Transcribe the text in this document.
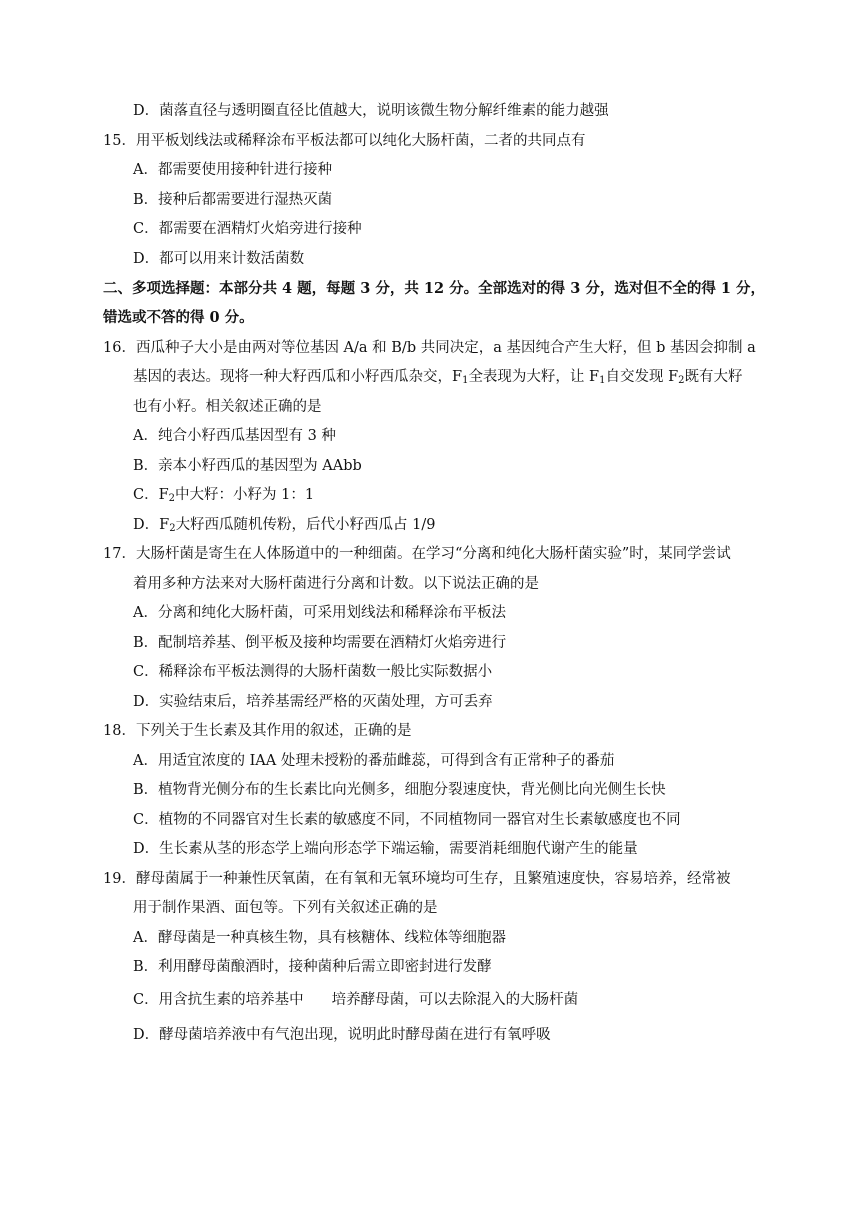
D．菌落直径与透明圈直径比值越大，说明该微生物分解纤维素的能力越强
15．用平板划线法或稀释涂布平板法都可以纯化大肠杆菌，二者的共同点有
A．都需要使用接种针进行接种
B．接种后都需要进行湿热灭菌
C．都需要在酒精灯火焰旁进行接种
D．都可以用来计数活菌数
二、多项选择题：本部分共 4 题，每题 3 分，共 12 分。全部选对的得 3 分，选对但不全的得 1 分，
错选或不答的得 0 分。
16．西瓜种子大小是由两对等位基因 A/a 和 B/b 共同决定，a 基因纯合产生大籽，但 b 基因会抑制 a
基因的表达。现将一种大籽西瓜和小籽西瓜杂交，$F_1$全表现为大籽，让 $F_1$自交发现 $F_2$既有大籽
也有小籽。相关叙述正确的是
A．纯合小籽西瓜基因型有 3 种
B．亲本小籽西瓜的基因型为 AAbb
C．$F_2$中大籽：小籽为 1：1
D．$F_2$大籽西瓜随机传粉，后代小籽西瓜占 1/9
17．大肠杆菌是寄生在人体肠道中的一种细菌。在学习“分离和纯化大肠杆菌实验”时，某同学尝试
着用多种方法来对大肠杆菌进行分离和计数。以下说法正确的是
A．分离和纯化大肠杆菌，可采用划线法和稀释涂布平板法
B．配制培养基、倒平板及接种均需要在酒精灯火焰旁进行
C．稀释涂布平板法测得的大肠杆菌数一般比实际数据小
D．实验结束后，培养基需经严格的灭菌处理，方可丢弃
18．下列关于生长素及其作用的叙述，正确的是
A．用适宜浓度的 IAA 处理未授粉的番茄雌蕊，可得到含有正常种子的番茄
B．植物背光侧分布的生长素比向光侧多，细胞分裂速度快，背光侧比向光侧生长快
C．植物的不同器官对生长素的敏感度不同，不同植物同一器官对生长素敏感度也不同
D．生长素从茎的形态学上端向形态学下端运输，需要消耗细胞代谢产生的能量
19．酵母菌属于一种兼性厌氧菌，在有氧和无氧环境均可生存，且繁殖速度快，容易培养，经常被
用于制作果酒、面包等。下列有关叙述正确的是
A．酵母菌是一种真核生物，具有核糖体、线粒体等细胞器
B．利用酵母菌酿酒时，接种菌种后需立即密封进行发酵
C．用含抗生素的培养基中 培养酵母菌，可以去除混入的大肠杆菌
D．酵母菌培养液中有气泡出现，说明此时酵母菌在进行有氧呼吸
